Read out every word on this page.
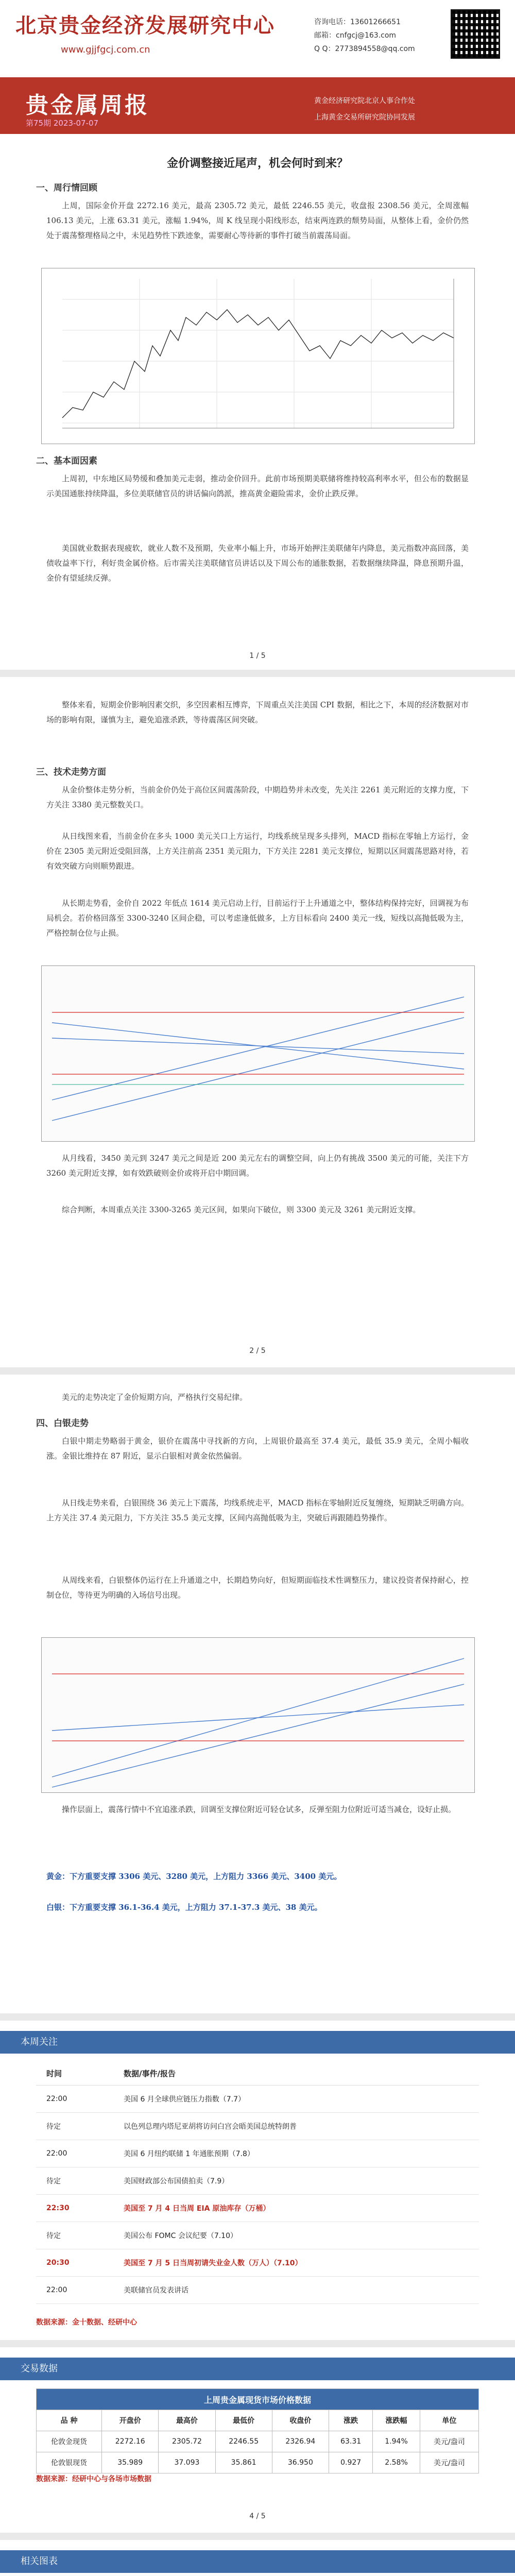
北京贵金经济发展研究中心
www.gjjfgcj.com.cn
咨询电话：13601266651
邮箱：cnfgcj@163.com
Q Q：2773894558@qq.com
贵金属周报
第75期 2023-07-07
黄金经济研究院北京人事合作处
上海黄金交易所研究院协同发展
金价调整接近尾声，机会何时到来？
一、周行情回顾
上周，国际金价开盘 2272.16 美元，最高 2305.72 美元，最低 2246.55 美元，收盘报 2308.56 美元，全周涨幅 106.13 美元，上涨 63.31 美元，涨幅 1.94%，周 K 线呈现小阳线形态，结束两连跌的颓势局面，从整体上看，金价仍然处于震荡整理格局之中，未见趋势性下跌迹象，需要耐心等待新的事件打破当前震荡局面。
二、基本面因素
上周初，中东地区局势缓和叠加美元走弱，推动金价回升。此前市场预期美联储将维持较高利率水平，但公布的数据显示美国通胀持续降温，多位美联储官员的讲话偏向鸽派，推高黄金避险需求，金价止跌反弹。
美国就业数据表现疲软，就业人数不及预期，失业率小幅上升，市场开始押注美联储年内降息，美元指数冲高回落，美债收益率下行，利好贵金属价格。后市需关注美联储官员讲话以及下周公布的通胀数据，若数据继续降温，降息预期升温，金价有望延续反弹。
1 / 5
整体来看，短期金价影响因素交织，多空因素相互博弈，下周重点关注美国 CPI 数据，相比之下，本周的经济数据对市场的影响有限，谨慎为主，避免追涨杀跌，等待震荡区间突破。
三、技术走势方面
从金价整体走势分析，当前金价仍处于高位区间震荡阶段，中期趋势并未改变，先关注 2261 美元附近的支撑力度，下方关注 3380 美元整数关口。
从日线图来看，当前金价在多头 1000 美元关口上方运行，均线系统呈现多头排列，MACD 指标在零轴上方运行，金价在 2305 美元附近受阻回落，上方关注前高 2351 美元阻力，下方关注 2281 美元支撑位，短期以区间震荡思路对待，若有效突破方向则顺势跟进。
从长期走势看，金价自 2022 年低点 1614 美元启动上行，目前运行于上升通道之中，整体结构保持完好，回调视为布局机会。若价格回落至 3300-3240 区间企稳，可以考虑逢低做多，上方目标看向 2400 美元一线，短线以高抛低吸为主，严格控制仓位与止损。
从月线看，3450 美元到 3247 美元之间是近 200 美元左右的调整空间，向上仍有挑战 3500 美元的可能，关注下方 3260 美元附近支撑，如有效跌破则金价或将开启中期回调。
综合判断，本周重点关注 3300-3265 美元区间，如果向下破位，则 3300 美元及 3261 美元附近支撑。
2 / 5
美元的走势决定了金价短期方向，严格执行交易纪律。
四、白银走势
白银中期走势略弱于黄金，银价在震荡中寻找新的方向，上周银价最高至 37.4 美元，最低 35.9 美元，全周小幅收涨。金银比维持在 87 附近，显示白银相对黄金依然偏弱。
从日线走势来看，白银围绕 36 美元上下震荡，均线系统走平，MACD 指标在零轴附近反复缠绕，短期缺乏明确方向。上方关注 37.4 美元阻力，下方关注 35.5 美元支撑，区间内高抛低吸为主，突破后再跟随趋势操作。
从周线来看，白银整体仍运行在上升通道之中，长期趋势向好，但短期面临技术性调整压力，建议投资者保持耐心，控制仓位，等待更为明确的入场信号出现。
操作层面上，震荡行情中不宜追涨杀跌，回调至支撑位附近可轻仓试多，反弹至阻力位附近可适当减仓，设好止损。
黄金：下方重要支撑 3306 美元、3280 美元，上方阻力 3366 美元、3400 美元。
白银：下方重要支撑 36.1-36.4 美元，上方阻力 37.1-37.3 美元、38 美元。
本周关注
时间	数据/事件/报告
22:00	美国 6 月全球供应链压力指数（7.7）
待定	以色列总理内塔尼亚胡将访问白宫会晤美国总统特朗普
22:00	美国 6 月纽约联储 1 年通胀预期（7.8）
待定	美国财政部公布国债拍卖（7.9）
22:30	美国至 7 月 4 日当周 EIA 原油库存（万桶）
待定	美国公布 FOMC 会议纪要（7.10）
20:30	美国至 7 月 5 日当周初请失业金人数（万人）（7.10）
22:00	美联储官员发表讲话
数据来源：金十数据、经研中心
交易数据
上周贵金属现货市场价格数据							
品 种	开盘价	最高价	最低价	收盘价	涨跌	涨跌幅	单位
伦敦金现货	2272.16	2305.72	2246.55	2326.94	63.31	1.94%	美元/盎司
伦敦银现货	35.989	37.093	35.861	36.950	0.927	2.58%	美元/盎司
数据来源：经研中心与各场市场数据
4 / 5
相关图表
